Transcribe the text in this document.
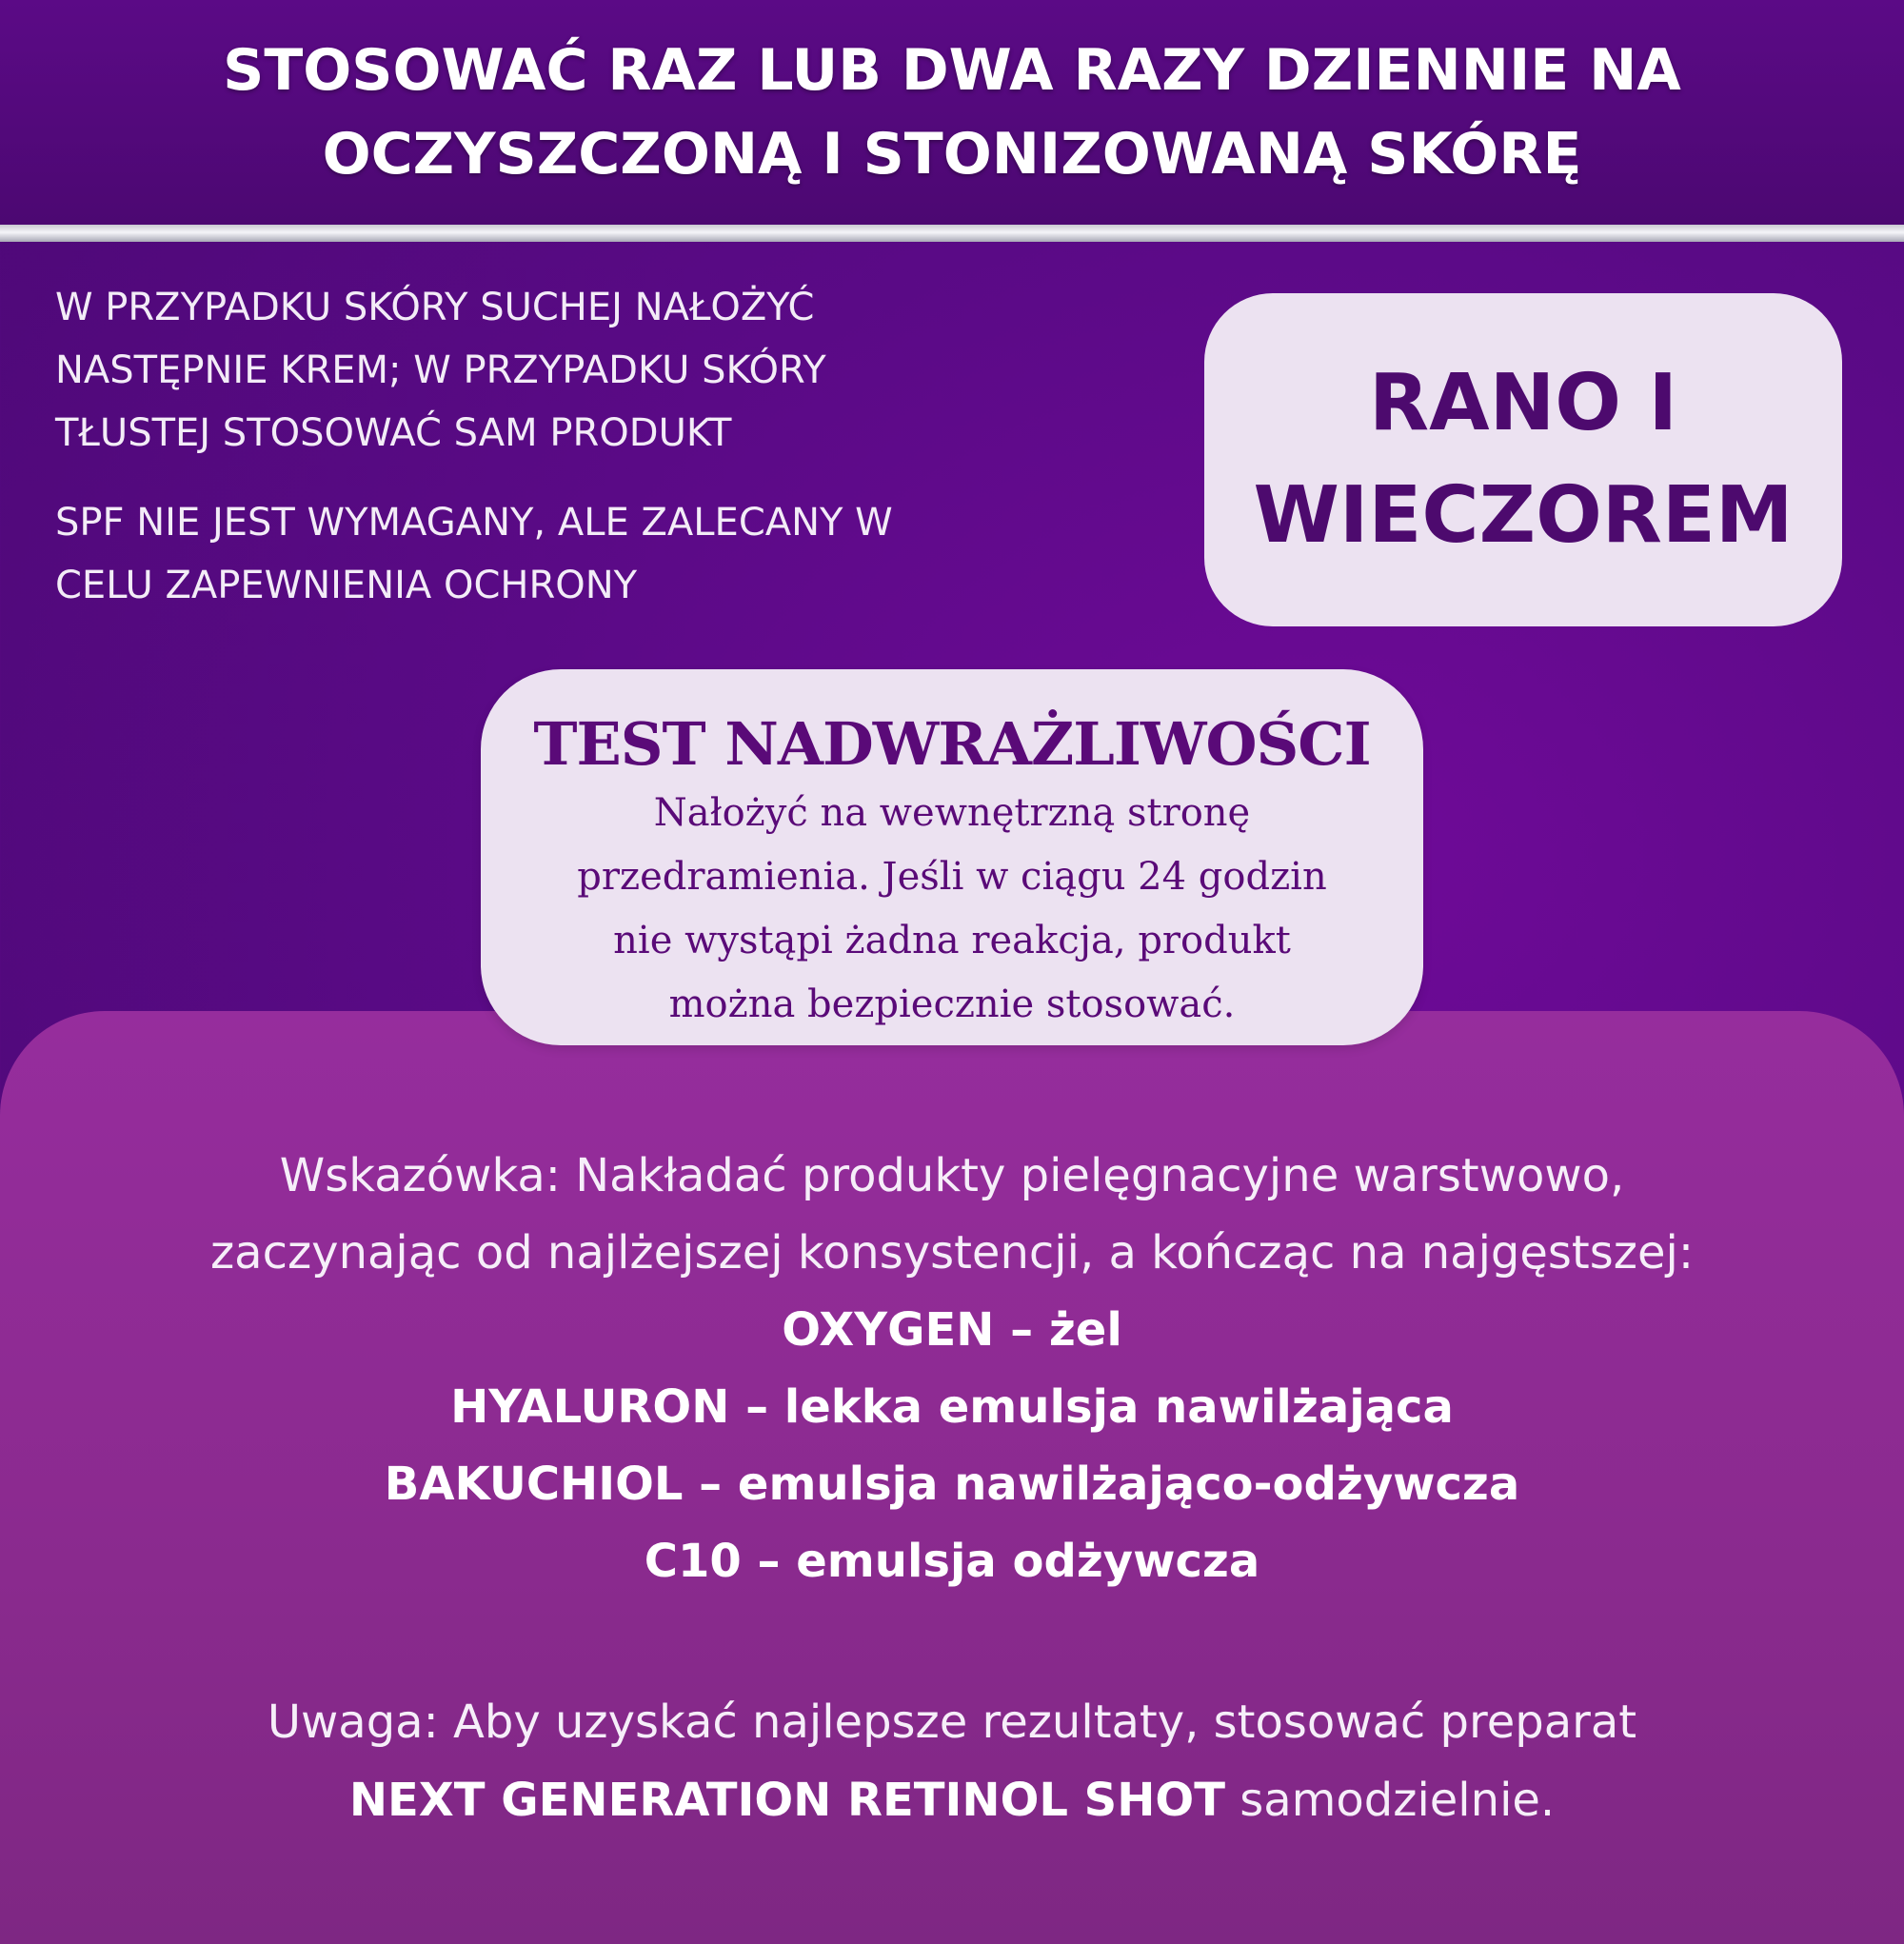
STOSOWAĆ RAZ LUB DWA RAZY DZIENNIE NA
OCZYSZCZONĄ I STONIZOWANĄ SKÓRĘ

W PRZYPADKU SKÓRY SUCHEJ NAŁOŻYĆ
NASTĘPNIE KREM; W PRZYPADKU SKÓRY
TŁUSTEJ STOSOWAĆ SAM PRODUKT

SPF NIE JEST WYMAGANY, ALE ZALECANY W
CELU ZAPEWNIENIA OCHRONY

RANO I
WIECZOREM
TEST NADWRAŻLIWOŚCI
Nałożyć na wewnętrzną stronę
przedramienia. Jeśli w ciągu 24 godzin
nie wystąpi żadna reakcja, produkt
można bezpiecznie stosować.
Wskazówka: Nakładać produkty pielęgnacyjne warstwowo,
zaczynając od najlżejszej konsystencji, a kończąc na najgęstszej:
OXYGEN – żel
HYALURON – lekka emulsja nawilżająca
BAKUCHIOL – emulsja nawilżająco-odżywcza
C10 – emulsja odżywcza
Uwaga: Aby uzyskać najlepsze rezultaty, stosować preparat
NEXT GENERATION RETINOL SHOT samodzielnie.
